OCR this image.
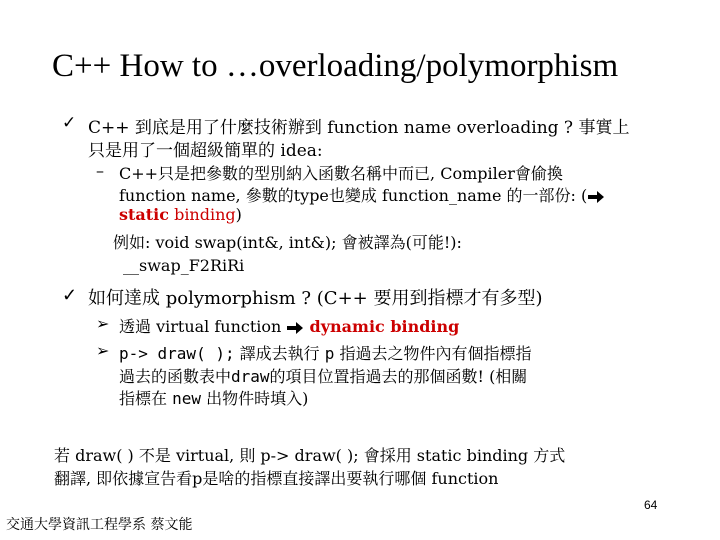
C++ How to …overloading/polymorphism
✓ C++ 到底是用了什麼技術辦到 function name overloading ? 事實上
只是用了一個超級簡單的 idea:
– C++只是把參數的型別納入函數名稱中而已, Compiler會偷換
function name, 參數的type也變成 function_name 的一部份: (
static binding)
例如: void swap(int&, int&); 會被譯為(可能!):
__swap_F2RiRi
✓ 如何達成 polymorphism ? (C++ 要用到指標才有多型)
➢ 透過 virtual function  dynamic binding
➢ p-> draw( ); 譯成去執行 p 指過去之物件內有個指標指
過去的函數表中draw的項目位置指過去的那個函數! (相關
指標在 new 出物件時填入)
若 draw( ) 不是 virtual, 則 p-> draw( ); 會採用 static binding 方式
翻譯, 即依據宣告看p是啥的指標直接譯出要執行哪個 function
64
交通大學資訊工程學系 蔡文能
